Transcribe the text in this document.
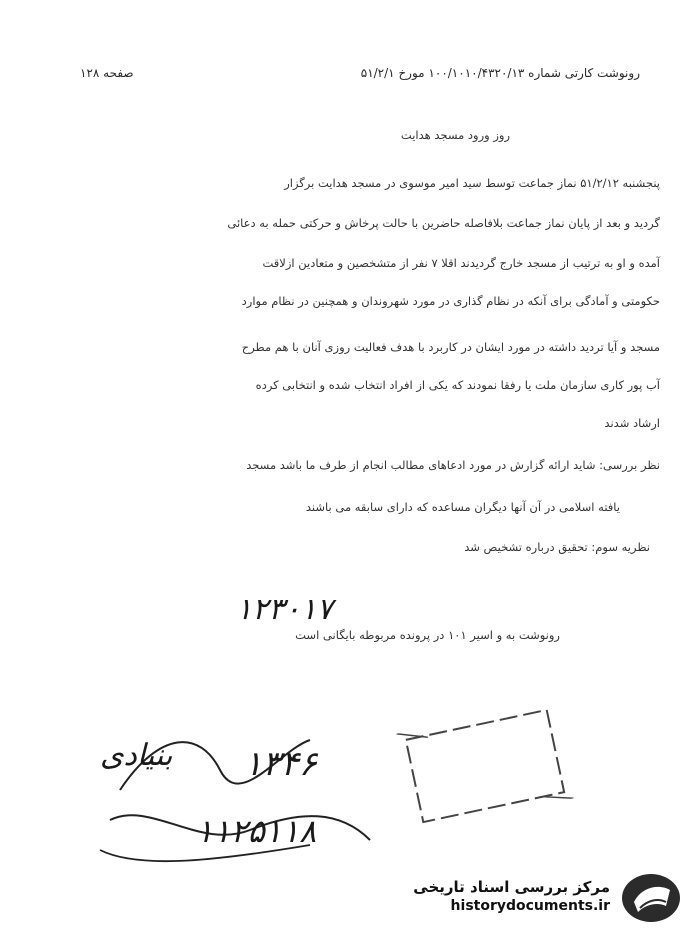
رونوشت کارتی شماره ۱۰۰/۱۰۱۰/۴۳۲۰/۱۳ مورخ ۵۱/۲/۱
صفحه ۱۲۸
روز ورود مسجد هدایت
پنجشنبه ۵۱/۲/۱۲ نماز جماعت توسط سید امیر موسوی در مسجد هدایت برگزار
گردید و بعد از پایان نماز جماعت بلافاصله حاضرین با حالت پرخاش و حرکتی حمله به دعائی
آمده و او به ترتیب از مسجد خارج گردیدند اقلا ۷ نفر از متشخصین و متعادین ازلاقت
حکومتی و آمادگی برای آنکه در نظام گذاری در مورد شهروندان و همچنین در نظام موارد
مسجد و آیا تردید داشته در مورد ایشان در کاربرد با هدف فعالیت روزی آنان با هم مطرح
آب پور کاری سازمان ملت یا رفقا نمودند که یکی از افراد انتخاب شده و انتخابی کرده
ارشاد شدند
نظر بررسی: شاید ارائه گزارش در مورد ادعاهای مطالب انجام از طرف ما باشد مسجد
یافته اسلامی در آن آنها دیگران مساعده که دارای سابقه می باشند
نظریه سوم: تحقیق درباره تشخیص شد
۱۲۳۰۱۷
رونوشت به و اسیر ۱۰۱ در پرونده مربوطه بایگانی است
بنیادی ۱۳۴۶
۱۱۲۵۱۱۸
مرکز بررسی اسناد تاریخی
historydocuments.ir
